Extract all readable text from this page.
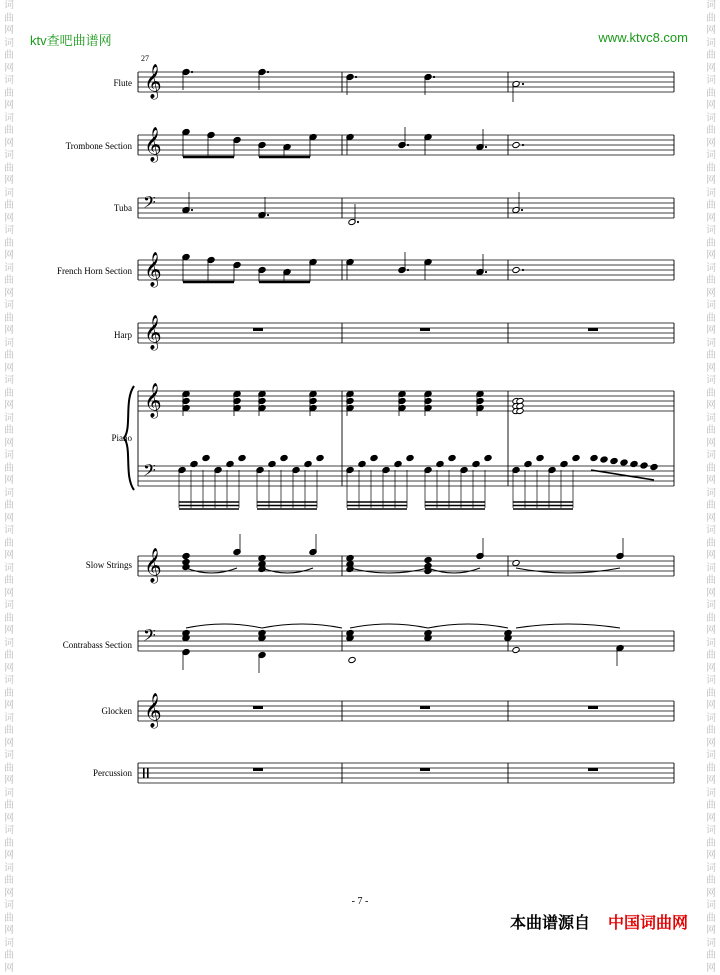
ktv查吧曲谱网	www.ktvc8.com
词曲网词曲网词曲网词曲网词曲网词曲网词曲网词曲网词曲网词曲网词曲网词曲网词曲网词曲网词曲网词曲网词曲网词曲网词曲网词曲网词曲网词曲网词曲网词曲网词曲网词曲网
词曲网词曲网词曲网词曲网词曲网词曲网词曲网词曲网词曲网词曲网词曲网词曲网词曲网词曲网词曲网词曲网词曲网词曲网词曲网词曲网词曲网词曲网词曲网词曲网词曲网词曲网
27
Flute
Trombone Section
Tuba
French Horn Section
Harp
Piano
Slow Strings
Contrabass Section
Glocken
Percussion
𝄞
𝄞
𝄢
𝄞
𝄞
𝄞
𝄢
𝄞
𝄢
𝄞
- 7 -
本曲谱源自 中国词曲网
